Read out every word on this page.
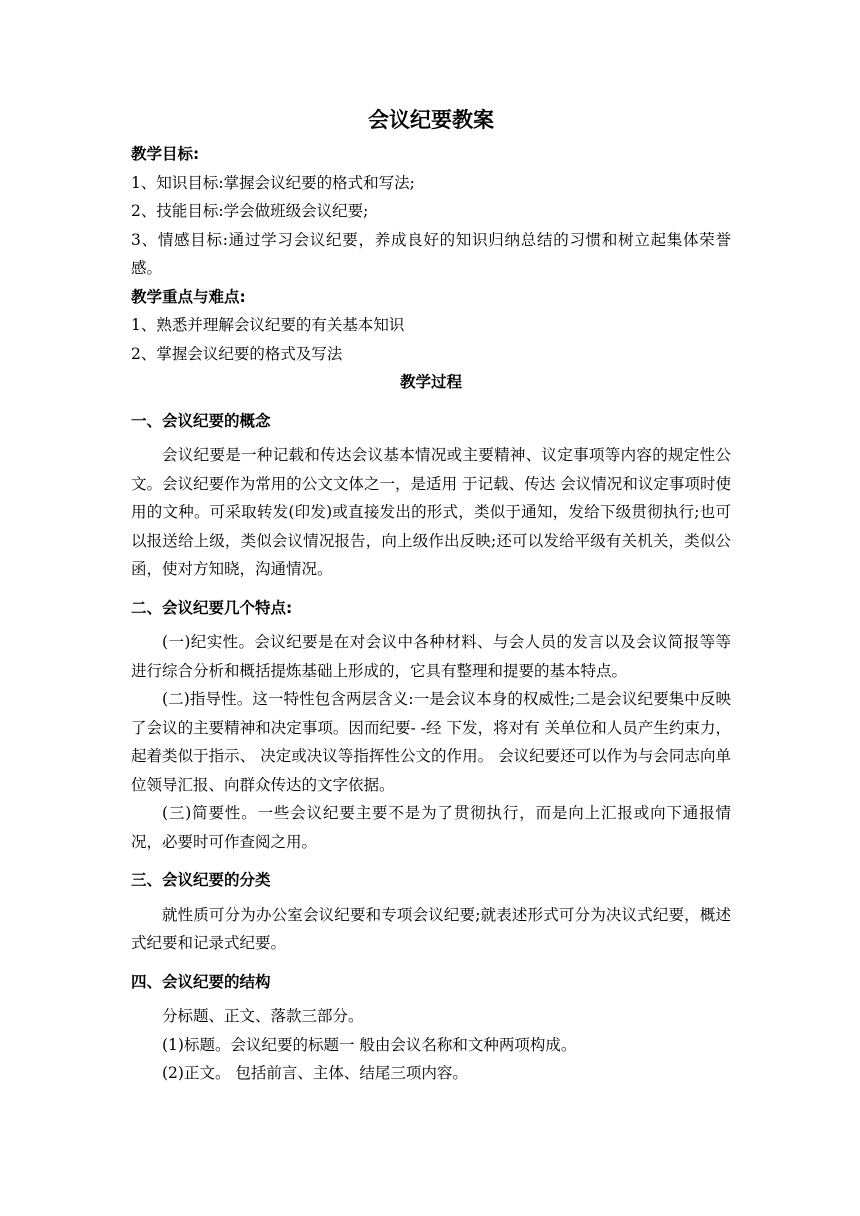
会议纪要教案
教学目标:
1、知识目标:掌握会议纪要的格式和写法;
2、技能目标:学会做班级会议纪要;
3、情感目标:通过学习会议纪要，养成良好的知识归纳总结的习惯和树立起集体荣誉感。
教学重点与难点:
1、熟悉并理解会议纪要的有关基本知识
2、掌握会议纪要的格式及写法
教学过程
一、会议纪要的概念
会议纪要是一种记载和传达会议基本情况或主要精神、议定事项等内容的规定性公文。会议纪要作为常用的公文文体之一，是适用 于记载、传达 会议情况和议定事项时使用的文种。可采取转发(印发)或直接发出的形式，类似于通知，发给下级贯彻执行;也可以报送给上级，类似会议情况报告，向上级作出反映;还可以发给平级有关机关，类似公函，使对方知晓，沟通情况。
二、会议纪要几个特点:
(一)纪实性。会议纪要是在对会议中各种材料、与会人员的发言以及会议简报等等进行综合分析和概括提炼基础上形成的，它具有整理和提要的基本特点。
(二)指导性。这一特性包含两层含义:一是会议本身的权威性;二是会议纪要集中反映了会议的主要精神和决定事项。因而纪要- -经 下发，将对有 关单位和人员产生约束力， 起着类似于指示、 决定或决议等指挥性公文的作用。 会议纪要还可以作为与会同志向单位领导汇报、向群众传达的文字依据。
(三)简要性。一些会议纪要主要不是为了贯彻执行，而是向上汇报或向下通报情况，必要时可作查阅之用。
三、会议纪要的分类
就性质可分为办公室会议纪要和专项会议纪要;就表述形式可分为决议式纪要，概述式纪要和记录式纪要。
四、会议纪要的结构
分标题、正文、落款三部分。
(1)标题。会议纪要的标题一 般由会议名称和文种两项构成。
(2)正文。 包括前言、主体、结尾三项内容。
